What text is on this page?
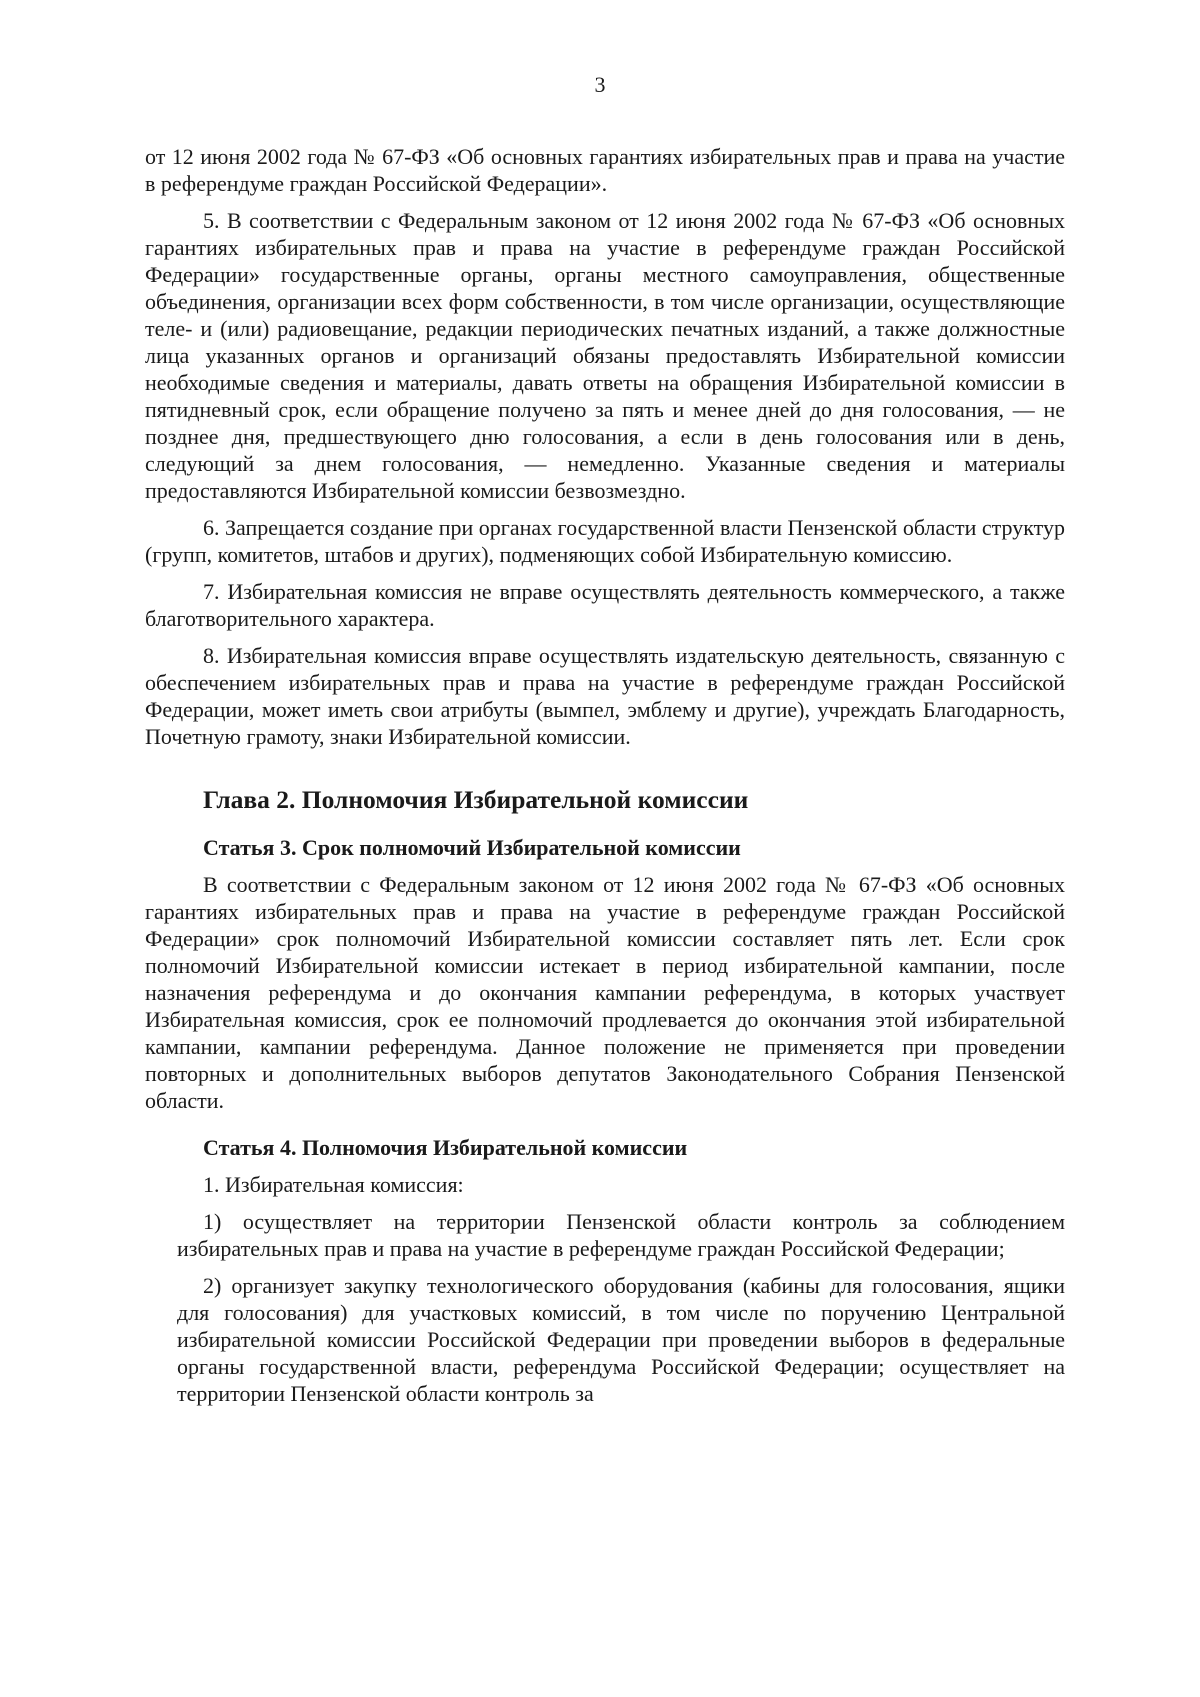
3

от 12 июня 2002 года № 67-ФЗ «Об основных гарантиях избирательных прав и права на участие в референдуме граждан Российской Федерации».

5. В соответствии с Федеральным законом от 12 июня 2002 года № 67-ФЗ «Об основных гарантиях избирательных прав и права на участие в референдуме граждан Российской Федерации» государственные органы, органы местного самоуправления, общественные объединения, организации всех форм собственности, в том числе организации, осуществляющие теле- и (или) радиовещание, редакции периодических печатных изданий, а также должностные лица указанных органов и организаций обязаны предоставлять Избирательной комиссии необходимые сведения и материалы, давать ответы на обращения Избирательной комиссии в пятидневный срок, если обращение получено за пять и менее дней до дня голосования, — не позднее дня, предшествующего дню голосования, а если в день голосования или в день, следующий за днем голосования, — немедленно. Указанные сведения и материалы предоставляются Избирательной комиссии безвозмездно.

6. Запрещается создание при органах государственной власти Пензенской области структур (групп, комитетов, штабов и других), подменяющих собой Избирательную комиссию.

7. Избирательная комиссия не вправе осуществлять деятельность коммерческого, а также благотворительного характера.

8. Избирательная комиссия вправе осуществлять издательскую деятельность, связанную с обеспечением избирательных прав и права на участие в референдуме граждан Российской Федерации, может иметь свои атрибуты (вымпел, эмблему и другие), учреждать Благодарность, Почетную грамоту, знаки Избирательной комиссии.

Глава 2. Полномочия Избирательной комиссии

Статья 3. Срок полномочий Избирательной комиссии

В соответствии с Федеральным законом от 12 июня 2002 года № 67-ФЗ «Об основных гарантиях избирательных прав и права на участие в референдуме граждан Российской Федерации» срок полномочий Избирательной комиссии составляет пять лет. Если срок полномочий Избирательной комиссии истекает в период избирательной кампании, после назначения референдума и до окончания кампании референдума, в которых участвует Избирательная комиссия, срок ее полномочий продлевается до окончания этой избирательной кампании, кампании референдума. Данное положение не применяется при проведении повторных и дополнительных выборов депутатов Законодательного Собрания Пензенской области.

Статья 4. Полномочия Избирательной комиссии

1. Избирательная комиссия:

1) осуществляет на территории Пензенской области контроль за соблюдением избирательных прав и права на участие в референдуме граждан Российской Федерации;

2) организует закупку технологического оборудования (кабины для голосования, ящики для голосования) для участковых комиссий, в том числе по поручению Центральной избирательной комиссии Российской Федерации при проведении выборов в федеральные органы государственной власти, референдума Российской Федерации; осуществляет на территории Пензенской области контроль за
